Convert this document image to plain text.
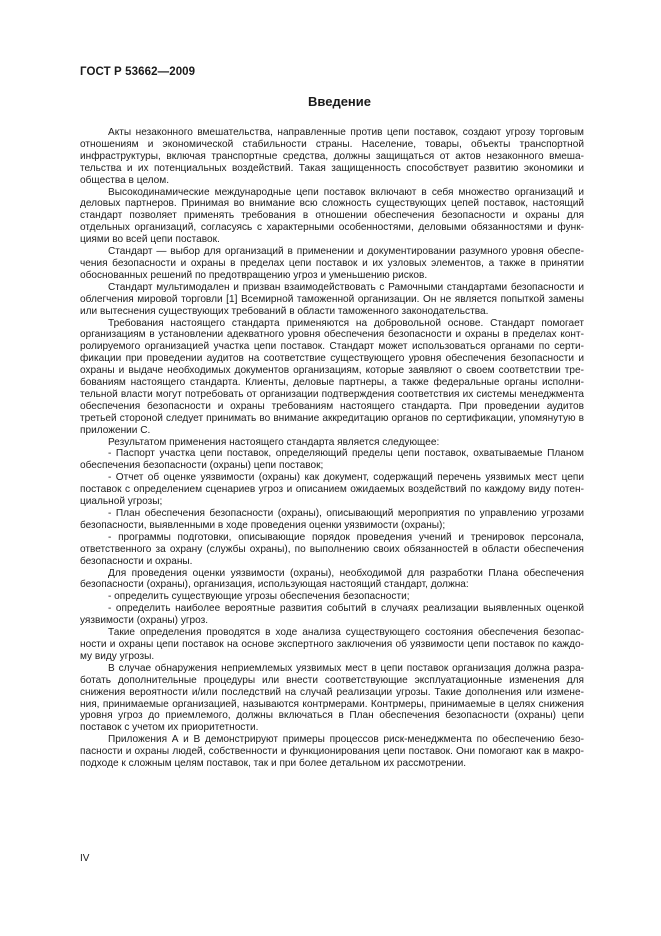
ГОСТ Р 53662—2009
Введение

Акты незаконного вмешательства, направленные против цепи поставок, создают угрозу торговым отношениям и экономической стабильности страны. Население, товары, объекты транспортной инфраструктуры, включая транспортные средства, должны защищаться от актов незаконного вмешательства и их потенциальных воздействий. Такая защищенность способствует развитию экономики и общества в целом.

Высокодинамические международные цепи поставок включают в себя множество организаций и деловых партнеров. Принимая во внимание всю сложность существующих цепей поставок, настоящий стандарт позволяет применять требования в отношении обеспечения безопасности и охраны для отдельных организаций, согласуясь с характерными особенностями, деловыми обязанностями и функциями во всей цепи поставок.

Стандарт — выбор для организаций в применении и документировании разумного уровня обеспечения безопасности и охраны в пределах цепи поставок и их узловых элементов, а также в принятии обоснованных решений по предотвращению угроз и уменьшению рисков.

Стандарт мультимодален и призван взаимодействовать с Рамочными стандартами безопасности и облегчения мировой торговли [1] Всемирной таможенной организации. Он не является попыткой замены или вытеснения существующих требований в области таможенного законодательства.

Требования настоящего стандарта применяются на добровольной основе. Стандарт помогает организациям в установлении адекватного уровня обеспечения безопасности и охраны в пределах контролируемого организацией участка цепи поставок. Стандарт может использоваться органами по сертификации при проведении аудитов на соответствие существующего уровня обеспечения безопасности и охраны и выдаче необходимых документов организациям, которые заявляют о своем соответствии требованиям настоящего стандарта. Клиенты, деловые партнеры, а также федеральные органы исполнительной власти могут потребовать от организации подтверждения соответствия их системы менеджмента обеспечения безопасности и охраны требованиям настоящего стандарта. При проведении аудитов третьей стороной следует принимать во внимание аккредитацию органов по сертификации, упомянутую в приложении С.

Результатом применения настоящего стандарта является следующее:

- Паспорт участка цепи поставок, определяющий пределы цепи поставок, охватываемые Планом обеспечения безопасности (охраны) цепи поставок;

- Отчет об оценке уязвимости (охраны) как документ, содержащий перечень уязвимых мест цепи поставок с определением сценариев угроз и описанием ожидаемых воздействий по каждому виду потенциальной угрозы;

- План обеспечения безопасности (охраны), описывающий мероприятия по управлению угрозами безопасности, выявленными в ходе проведения оценки уязвимости (охраны);

- программы подготовки, описывающие порядок проведения учений и тренировок персонала, ответственного за охрану (службы охраны), по выполнению своих обязанностей в области обеспечения безопасности и охраны.

Для проведения оценки уязвимости (охраны), необходимой для разработки Плана обеспечения безопасности (охраны), организация, использующая настоящий стандарт, должна:

- определить существующие угрозы обеспечения безопасности;

- определить наиболее вероятные развития событий в случаях реализации выявленных оценкой уязвимости (охраны) угроз.

Такие определения проводятся в ходе анализа существующего состояния обеспечения безопасности и охраны цепи поставок на основе экспертного заключения об уязвимости цепи поставок по каждому виду угрозы.

В случае обнаружения неприемлемых уязвимых мест в цепи поставок организация должна разработать дополнительные процедуры или внести соответствующие эксплуатационные изменения для снижения вероятности и/или последствий на случай реализации угрозы. Такие дополнения или изменения, принимаемые организацией, называются контрмерами. Контрмеры, принимаемые в целях снижения уровня угроз до приемлемого, должны включаться в План обеспечения безопасности (охраны) цепи поставок с учетом их приоритетности.

Приложения А и В демонстрируют примеры процессов риск-менеджмента по обеспечению безопасности и охраны людей, собственности и функционирования цепи поставок. Они помогают как в макроподходе к сложным целям поставок, так и при более детальном их рассмотрении.

IV
